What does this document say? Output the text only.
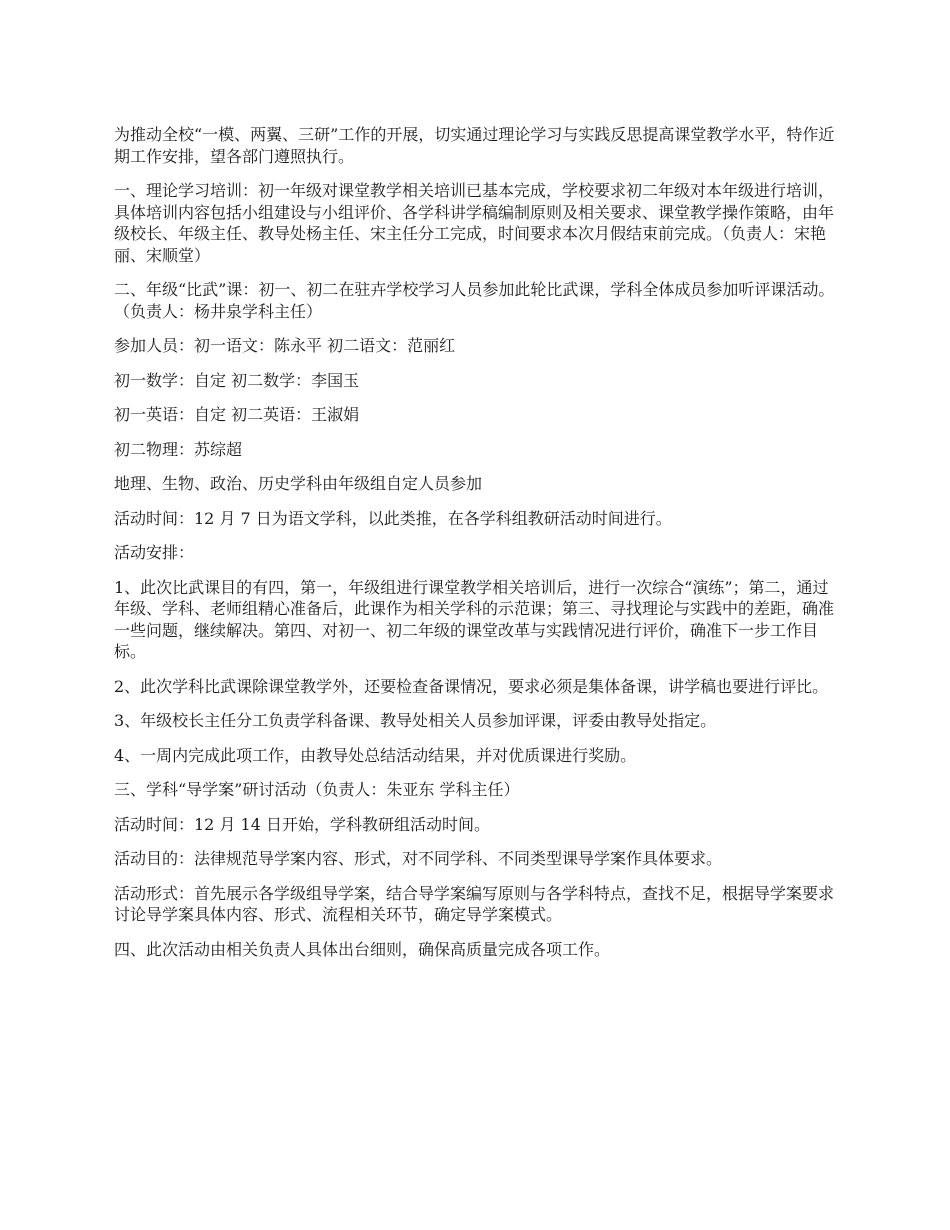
为推动全校“一模、两翼、三研”工作的开展，切实通过理论学习与实践反思提高课堂教学水平，特作近期工作安排，望各部门遵照执行。

一、理论学习培训：初一年级对课堂教学相关培训已基本完成，学校要求初二年级对本年级进行培训，具体培训内容包括小组建设与小组评价、各学科讲学稿编制原则及相关要求、课堂教学操作策略，由年级校长、年级主任、教导处杨主任、宋主任分工完成，时间要求本次月假结束前完成。（负责人：宋艳丽、宋顺堂）

二、年级“比武”课：初一、初二在驻卉学校学习人员参加此轮比武课，学科全体成员参加听评课活动。（负责人：杨井泉学科主任）

参加人员：初一语文：陈永平 初二语文：范丽红

初一数学：自定 初二数学：李国玉

初一英语：自定 初二英语：王淑娟

初二物理：苏综超

地理、生物、政治、历史学科由年级组自定人员参加

活动时间：12 月 7 日为语文学科，以此类推，在各学科组教研活动时间进行。

活动安排：

1、此次比武课目的有四，第一，年级组进行课堂教学相关培训后，进行一次综合“演练”；第二，通过年级、学科、老师组精心准备后，此课作为相关学科的示范课；第三、寻找理论与实践中的差距，确准一些问题，继续解决。第四、对初一、初二年级的课堂改革与实践情况进行评价，确准下一步工作目标。

2、此次学科比武课除课堂教学外，还要检查备课情况，要求必须是集体备课，讲学稿也要进行评比。

3、年级校长主任分工负责学科备课、教导处相关人员参加评课，评委由教导处指定。

4、一周内完成此项工作，由教导处总结活动结果，并对优质课进行奖励。

三、学科“导学案”研讨活动（负责人：朱亚东 学科主任）

活动时间：12 月 14 日开始，学科教研组活动时间。

活动目的：法律规范导学案内容、形式，对不同学科、不同类型课导学案作具体要求。

活动形式：首先展示各学级组导学案，结合导学案编写原则与各学科特点，查找不足，根据导学案要求讨论导学案具体内容、形式、流程相关环节，确定导学案模式。

四、此次活动由相关负责人具体出台细则，确保高质量完成各项工作。
